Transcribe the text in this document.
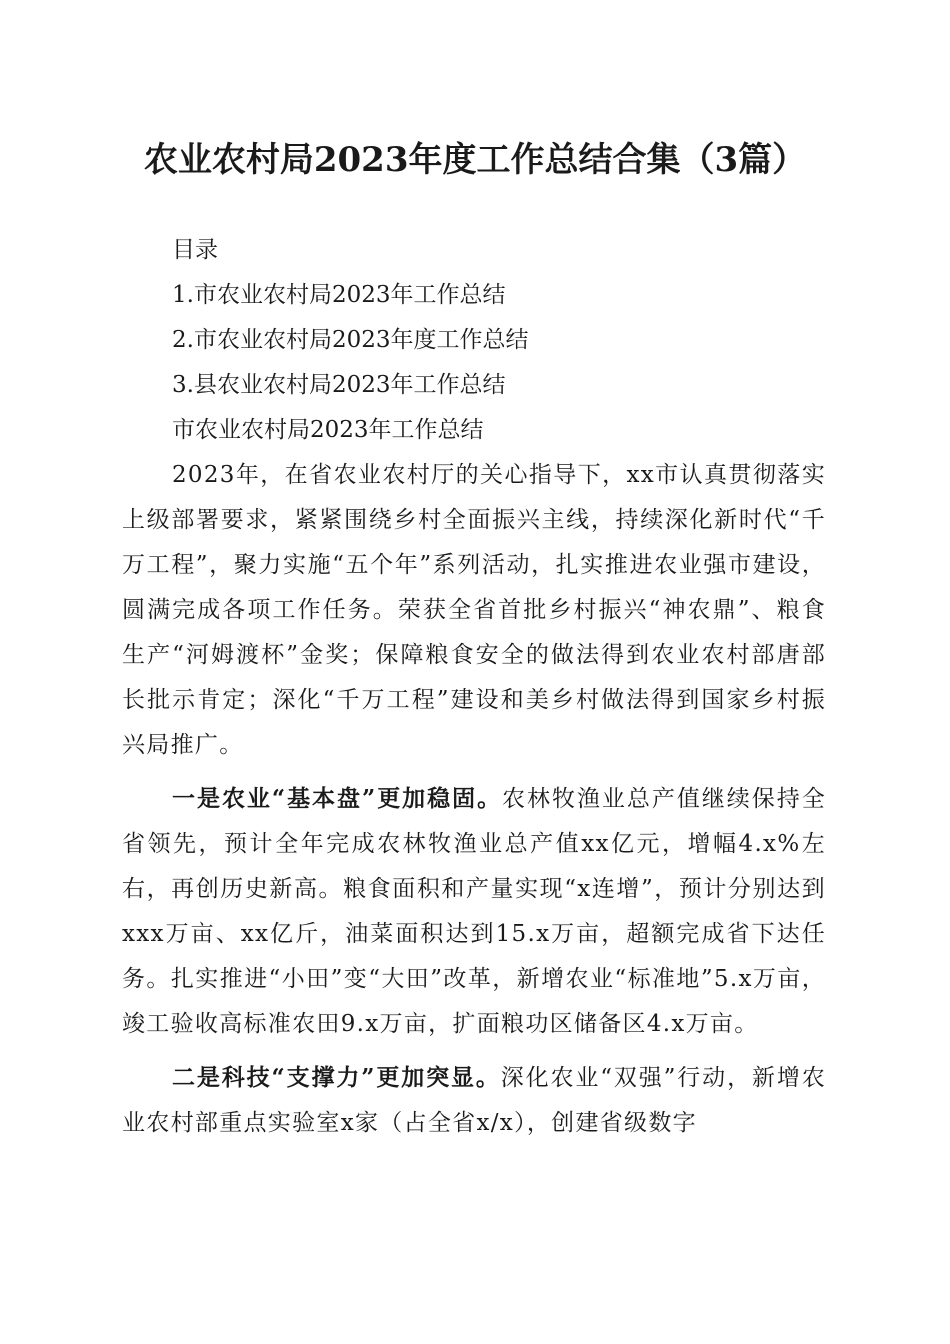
农业农村局2023年度工作总结合集（3篇）

目录

1.市农业农村局2023年工作总结

2.市农业农村局2023年度工作总结

3.县农业农村局2023年工作总结

市农业农村局2023年工作总结

2023年，在省农业农村厅的关心指导下，xx市认真贯彻落实上级部署要求，紧紧围绕乡村全面振兴主线，持续深化新时代“千万工程”，聚力实施“五个年”系列活动，扎实推进农业强市建设，圆满完成各项工作任务。荣获全省首批乡村振兴“神农鼎”、粮食生产“河姆渡杯”金奖；保障粮食安全的做法得到农业农村部唐部长批示肯定；深化“千万工程”建设和美乡村做法得到国家乡村振兴局推广。

一是农业“基本盘”更加稳固。农林牧渔业总产值继续保持全省领先，预计全年完成农林牧渔业总产值xx亿元，增幅4.x%左右，再创历史新高。粮食面积和产量实现“x连增”，预计分别达到xxx万亩、xx亿斤，油菜面积达到15.x万亩，超额完成省下达任务。扎实推进“小田”变“大田”改革，新增农业“标准地”5.x万亩，竣工验收高标准农田9.x万亩，扩面粮功区储备区4.x万亩。

二是科技“支撑力”更加突显。深化农业“双强”行动，新增农业农村部重点实验室x家（占全省x/x），创建省级数字
